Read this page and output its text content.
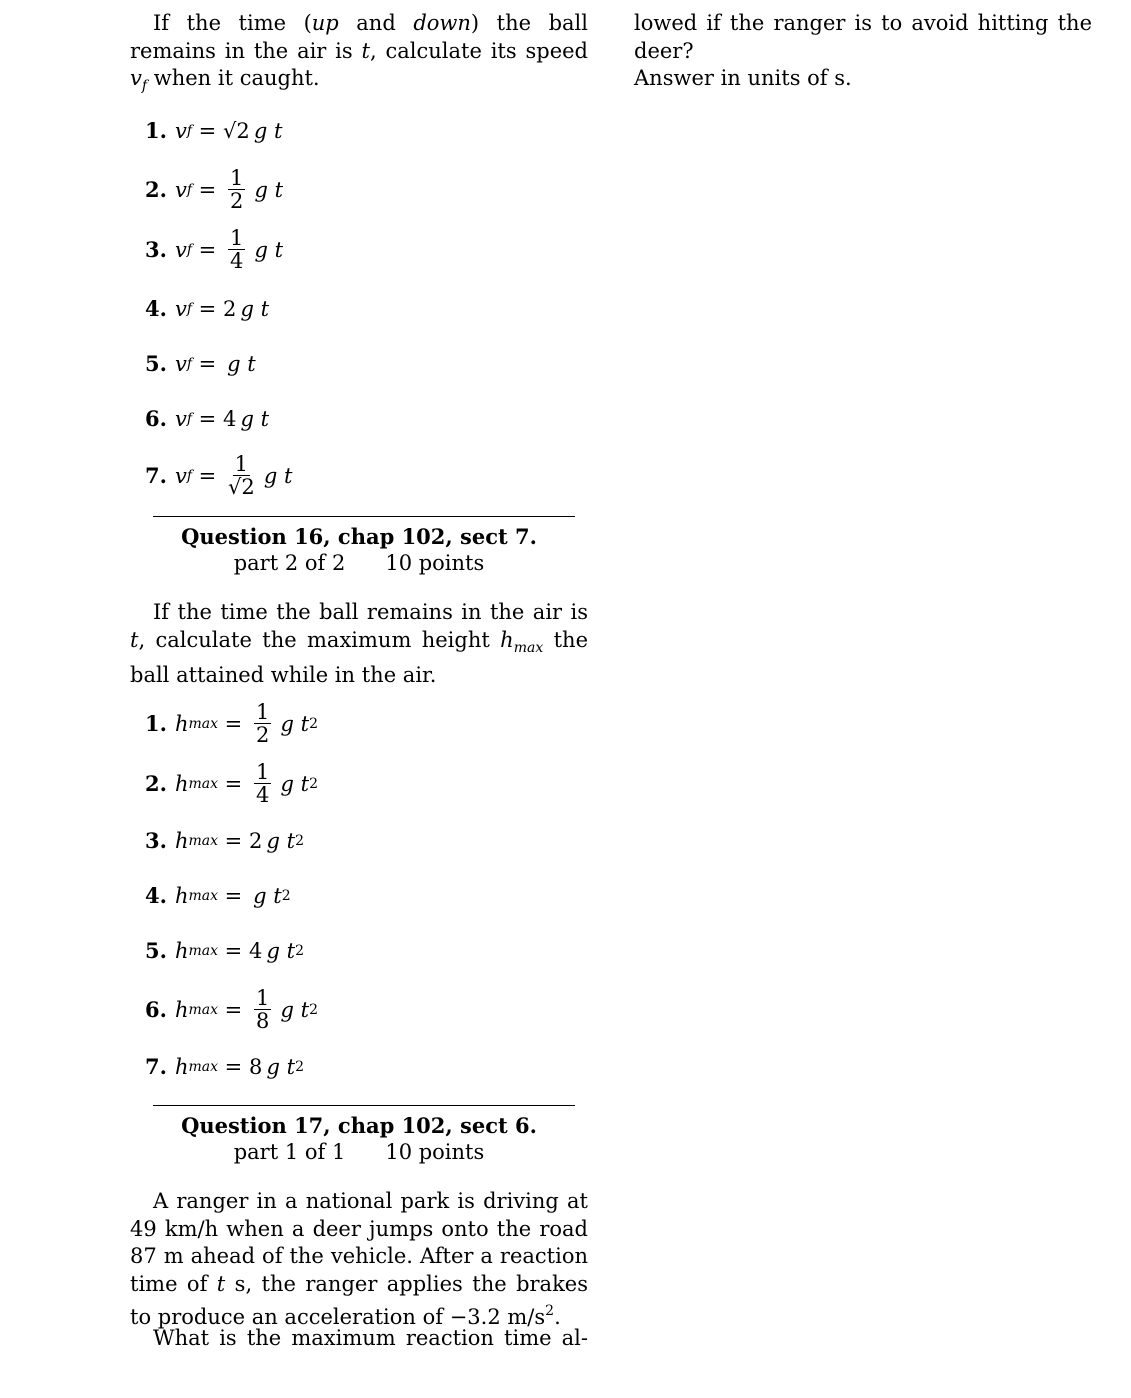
If the time (up and down) the ball remains in the air is t, calculate its speed $v_f$ when it caught.

1. v f = √2  g t
2. v $f = \frac{1}{2}$  g t
3. v $f = \frac{1}{4}$  g t
4. v f = 2  g t
5. v f =  g t
6. v f = 4  g t
7. v $f = \frac{1}{√2}$  g t
Question 16, chap 102, sect 7.
part 2 of 2 10 points

If the time the ball remains in the air is t, calculate the maximum height $h_{max}$ the ball attained while in the air.

1. h $\max = \frac{1}{2}$  g t 2
2. h $\max = \frac{1}{4}$  g t 2
3. h max = 2  g t 2
4. h max =  g t 2
5. h max = 4  g t 2
6. h $\max = \frac{1}{8}$  g t 2
7. h max = 8  g t 2
Question 17, chap 102, sect 6.
part 1 of 1 10 points

A ranger in a national park is driving at 49 km/h when a deer jumps onto the road 87 m ahead of the vehicle. After a reaction time of t s, the ranger applies the brakes to produce an acceleration of −3.2 $m/s^2$.

What is the maximum reaction time al-

lowed if the ranger is to avoid hitting the deer?

Answer in units of s.
